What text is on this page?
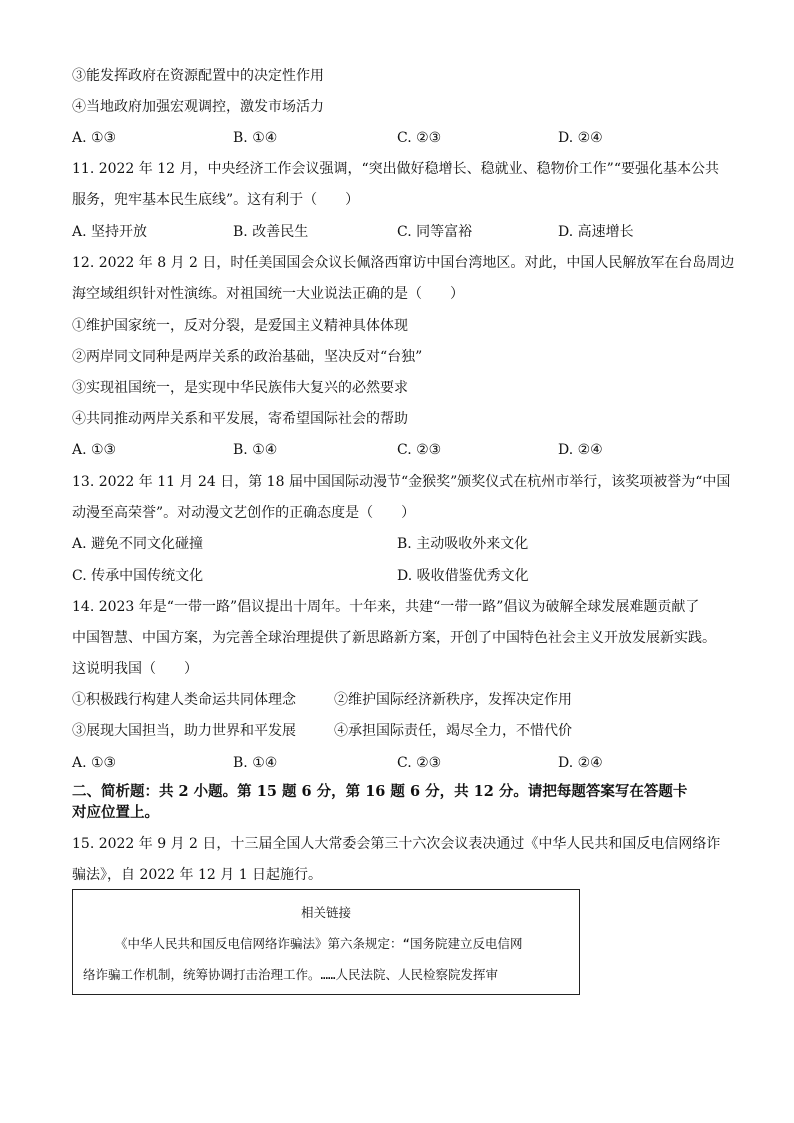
③能发挥政府在资源配置中的决定性作用
④当地政府加强宏观调控，激发市场活力
A. ①③	B. ①④	C. ②③	D. ②④
11. 2022 年 12 月，中央经济工作会议强调，“突出做好稳增长、稳就业、稳物价工作”“要强化基本公共
服务，兜牢基本民生底线”。这有利于（　　）
A. 坚持开放	B. 改善民生	C. 同等富裕	D. 高速增长
12. 2022 年 8 月 2 日，时任美国国会众议长佩洛西窜访中国台湾地区。对此，中国人民解放军在台岛周边
海空域组织针对性演练。对祖国统一大业说法正确的是（　　）
①维护国家统一，反对分裂，是爱国主义精神具体体现
②两岸同文同种是两岸关系的政治基础，坚决反对“台独”
③实现祖国统一，是实现中华民族伟大复兴的必然要求
④共同推动两岸关系和平发展，寄希望国际社会的帮助
A. ①③	B. ①④	C. ②③	D. ②④
13. 2022 年 11 月 24 日，第 18 届中国国际动漫节“金猴奖”颁奖仪式在杭州市举行，该奖项被誉为“中国
动漫至高荣誉”。对动漫文艺创作的正确态度是（　　）
A. 避免不同文化碰撞	B. 主动吸收外来文化
C. 传承中国传统文化	D. 吸收借鉴优秀文化
14. 2023 年是“一带一路”倡议提出十周年。十年来，共建“一带一路”倡议为破解全球发展难题贡献了
中国智慧、中国方案，为完善全球治理提供了新思路新方案，开创了中国特色社会主义开放发展新实践。
这说明我国（　　）
①积极践行构建人类命运共同体理念	②维护国际经济新秩序，发挥决定作用
③展现大国担当，助力世界和平发展	④承担国际责任，竭尽全力，不惜代价
A. ①③	B. ①④	C. ②③	D. ②④
二、简析题：共 2 小题。第 15 题 6 分，第 16 题 6 分，共 12 分。请把每题答案写在答题卡
对应位置上。
15. 2022 年 9 月 2 日，十三届全国人大常委会第三十六次会议表决通过《中华人民共和国反电信网络诈
骗法》，自 2022 年 12 月 1 日起施行。
相关链接
《中华人民共和国反电信网络诈骗法》第六条规定：“国务院建立反电信网
络诈骗工作机制，统筹协调打击治理工作。……人民法院、人民检察院发挥审
